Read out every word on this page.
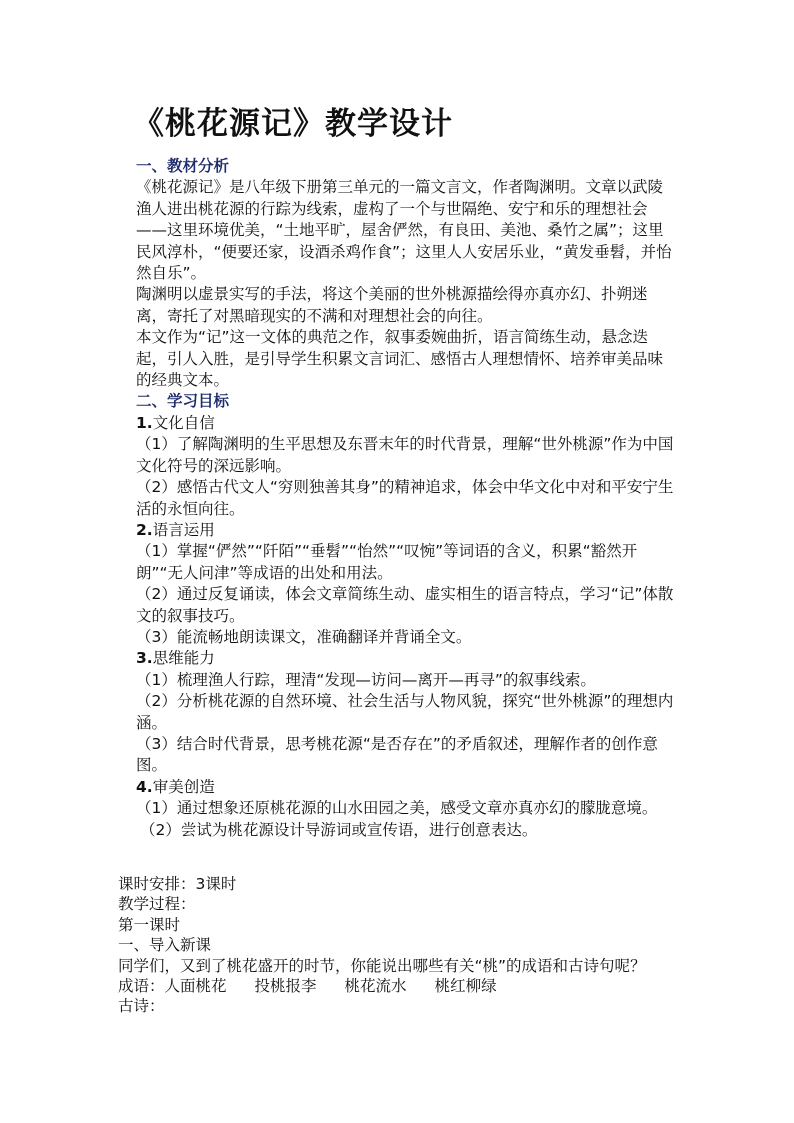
《桃花源记》教学设计

一、教材分析

《桃花源记》是八年级下册第三单元的一篇文言文，作者陶渊明。文章以武陵渔人进出桃花源的行踪为线索，虚构了一个与世隔绝、安宁和乐的理想社会——这里环境优美，“土地平旷，屋舍俨然，有良田、美池、桑竹之属”；这里民风淳朴，“便要还家，设酒杀鸡作食”；这里人人安居乐业，“黄发垂髫，并怡然自乐”。

陶渊明以虚景实写的手法，将这个美丽的世外桃源描绘得亦真亦幻、扑朔迷离，寄托了对黑暗现实的不满和对理想社会的向往。

本文作为“记”这一文体的典范之作，叙事委婉曲折，语言简练生动，悬念迭起，引人入胜，是引导学生积累文言词汇、感悟古人理想情怀、培养审美品味的经典文本。

二、学习目标

1.文化自信

（1）了解陶渊明的生平思想及东晋末年的时代背景，理解“世外桃源”作为中国文化符号的深远影响。

（2）感悟古代文人“穷则独善其身”的精神追求，体会中华文化中对和平安宁生活的永恒向往。

2.语言运用

（1）掌握“俨然”“阡陌”“垂髫”“怡然”“叹惋”等词语的含义，积累“豁然开朗”“无人问津”等成语的出处和用法。

（2）通过反复诵读，体会文章简练生动、虚实相生的语言特点，学习“记”体散文的叙事技巧。

（3）能流畅地朗读课文，准确翻译并背诵全文。

3.思维能力

（1）梳理渔人行踪，理清“发现—访问—离开—再寻”的叙事线索。

（2）分析桃花源的自然环境、社会生活与人物风貌，探究“世外桃源”的理想内涵。

（3）结合时代背景，思考桃花源“是否存在”的矛盾叙述，理解作者的创作意图。

4.审美创造

（1）通过想象还原桃花源的山水田园之美，感受文章亦真亦幻的朦胧意境。

（2）尝试为桃花源设计导游词或宣传语，进行创意表达。

课时安排：3课时

教学过程：

第一课时

一、导入新课

同学们，又到了桃花盛开的时节，你能说出哪些有关“桃”的成语和古诗句呢？

成语：人面桃花 投桃报李 桃花流水 桃红柳绿

古诗：
